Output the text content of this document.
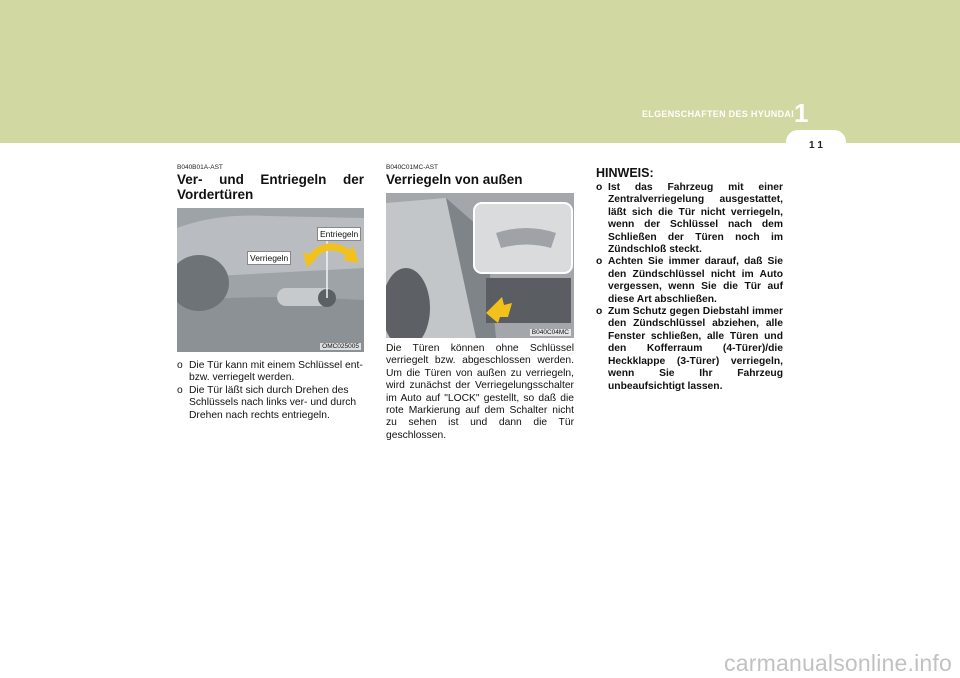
ELGENSCHAFTEN DES HYUNDAI 1
1 1
B040B01A-AST
Ver- und Entriegeln der Vordertüren
Entriegeln
Verriegeln
OMC025005
o Die Tür kann mit einem Schlüssel ent- bzw. verriegelt werden.
o Die Tür läßt sich durch Drehen des Schlüssels nach links ver- und durch Drehen nach rechts entriegeln.
B040C01MC-AST
Verriegeln von außen
B040C04MC
Die Türen können ohne Schlüssel verriegelt bzw. abgeschlossen werden. Um die Türen von außen zu verriegeln, wird zunächst der Verriegelungsschalter im Auto auf "LOCK" gestellt, so daß die rote Markierung auf dem Schalter nicht zu sehen ist und dann die Tür geschlossen.
HINWEIS:
o Ist das Fahrzeug mit einer Zentralverriegelung ausgestattet, läßt sich die Tür nicht verriegeln, wenn der Schlüssel nach dem Schließen der Türen noch im Zündschloß steckt.
o Achten Sie immer darauf, daß Sie den Zündschlüssel nicht im Auto vergessen, wenn Sie die Tür auf diese Art abschließen.
o Zum Schutz gegen Diebstahl immer den Zündschlüssel abziehen, alle Fenster schließen, alle Türen und den Kofferraum (4-Türer)/die Heckklappe (3-Türer) verriegeln, wenn Sie Ihr Fahrzeug unbeaufsichtigt lassen.
carmanualsonline.info
